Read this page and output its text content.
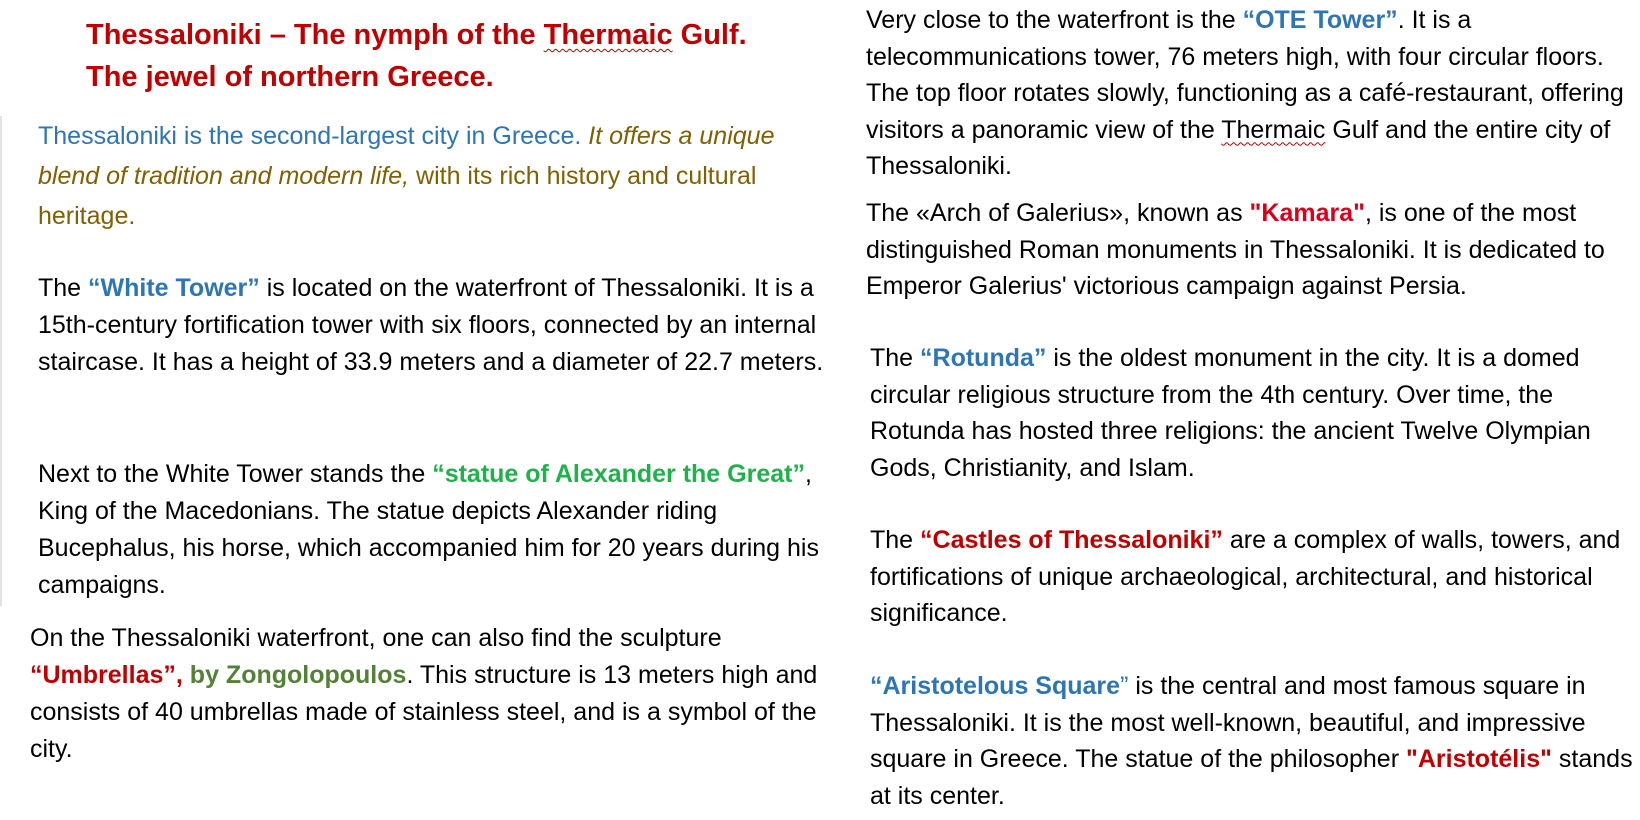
Thessaloniki – The nymph of the Thermaic Gulf.
The jewel of northern Greece.

Thessaloniki is the second-largest city in Greece. It offers a unique blend of tradition and modern life, with its rich history and cultural heritage.

The “White Tower” is located on the waterfront of Thessaloniki. It is a 15th-century fortification tower with six floors, connected by an internal staircase. It has a height of 33.9 meters and a diameter of 22.7 meters.

Next to the White Tower stands the “statue of Alexander the Great”, King of the Macedonians. The statue depicts Alexander riding Bucephalus, his horse, which accompanied him for 20 years during his campaigns.

On the Thessaloniki waterfront, one can also find the sculpture “Umbrellas”, by Zongolopoulos. This structure is 13 meters high and consists of 40 umbrellas made of stainless steel, and is a symbol of the city.

Very close to the waterfront is the “OTE Tower”. It is a telecommunications tower, 76 meters high, with four circular floors. The top floor rotates slowly, functioning as a café-restaurant, offering visitors a panoramic view of the Thermaic Gulf and the entire city of Thessaloniki.

The «Arch of Galerius», known as "Kamara", is one of the most distinguished Roman monuments in Thessaloniki. It is dedicated to Emperor Galerius' victorious campaign against Persia.

The “Rotunda” is the oldest monument in the city. It is a domed circular religious structure from the 4th century. Over time, the Rotunda has hosted three religions: the ancient Twelve Olympian Gods, Christianity, and Islam.

The “Castles of Thessaloniki” are a complex of walls, towers, and fortifications of unique archaeological, architectural, and historical significance.

“Aristotelous Square” is the central and most famous square in Thessaloniki. It is the most well-known, beautiful, and impressive square in Greece. The statue of the philosopher "Aristotélis" stands at its center.
